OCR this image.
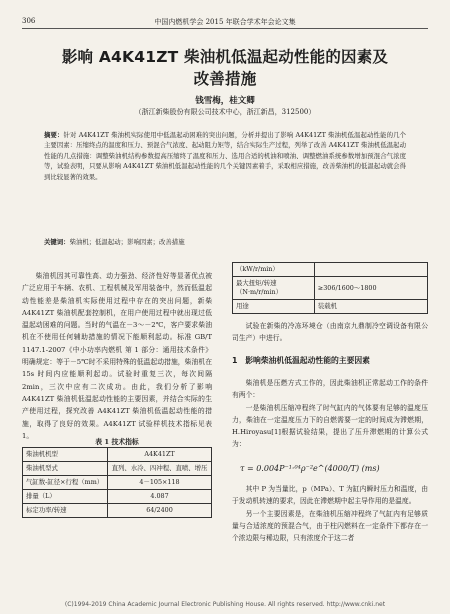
306	中国内燃机学会 2015 年联合学术年会论文集
影响 A4K41ZT 柴油机低温起动性能的因素及
改善措施
钱雪梅，桂文卿
（浙江新柴股份有限公司技术中心，浙江新昌，312500）
摘要：针对 A4K41ZT 柴油机实际使用中低温起动困难的突出问题，分析并提出了影响 A4K41ZT 柴油机低温起动性能的几个主要因素：压缩终点的温度和压力、预混合气浓度、起动阻力矩等，结合实际生产过程，列举了改善 A4K41ZT 柴油机低温起动性能的几点措施：调整柴油机结构参数提高压缩终了温度和压力、选用合适的机油和喷油、调整燃油系统参数增加预混合气浓度等，试验表明，只要从影响 A4K41ZT 柴油机低温起动性能的几个关键因素着手，采取相应措施，改善柴油机的低温起动就会得到比较显著的效果。
关键词：柴油机；低温起动；影响因素；改善措施

柴油机因其可靠性高、动力强劲、经济性好等显著优点被广泛应用于车辆、农机、工程机械及军用装备中，然而低温起动性能差是柴油机实际使用过程中存在的突出问题，新柴 A4K41ZT 柴油机配套控制机，在用户使用过程中就出现过低温起动困难的问题。当时的气温在－3～－2℃，客户要求柴油机在不使用任何辅助措施的情况下能顺利起动。标准 GB/T 1147.1-2007《中小功率内燃机 第 1 部分：通用技术条件》明确规定：等于－5℃时不采用特殊的低温起动措施，柴油机在 15s 时间内应能顺利起动。试验时重复三次，每次间隔 2min，三次中应有二次成功。由此，我们分析了影响 A4K41ZT 柴油机低温起动性能的主要因素，并结合实际的生产使用过程，探究改善 A4K41ZT 柴油机低温起动性能的措施，取得了良好的效果。A4K41ZT 试验样机技术指标见表 1。

表 1 技术指标
柴油机机型	A4K41ZT
柴油机型式	直列、水冷、四冲程、直喷、增压
气缸数-缸径×行程（mm）	4－105×118
排量（L）	4.087
标定功率/转速	64/2400
（kW/r/min）	
最大扭矩/转速（N·m/r/min）	≥306/1600～1800
用途	装载机

试验在新柴的冷冻环境仓（由南京九鼎制冷空调设备有限公司生产）中进行。

1　影响柴油机低温起动性能的主要因素

柴油机是压燃方式工作的，因此柴油机正常起动工作的条件有两个：

一是柴油机压缩冲程终了时气缸内的气体要有足够的温度压力，柴油在一定温度压力下的自燃需要一定的时间成为滞燃期，H.Hiroyasu[1]根据试验结果，提出了压升滞燃期的计算公式为：

τ = 0.004P⁻¹·⁰⁴ρ⁻²e^(4000/T) (ms)

其中 P 为当量比，p（MPa）、T 为缸内瞬时压力和温度，由于发动机转速的要求，因此在滞燃期中起主导作用的是温度。

另一个主要因素是，在柴油机压缩冲程终了气缸内有足够质量与合适浓度的预混合气，由于柱闪燃料在一定条件下都存在一个浓边限与稀边限，只有浓度介于这二者

(C)1994-2019 China Academic Journal Electronic Publishing House. All rights reserved. http://www.cnki.net
